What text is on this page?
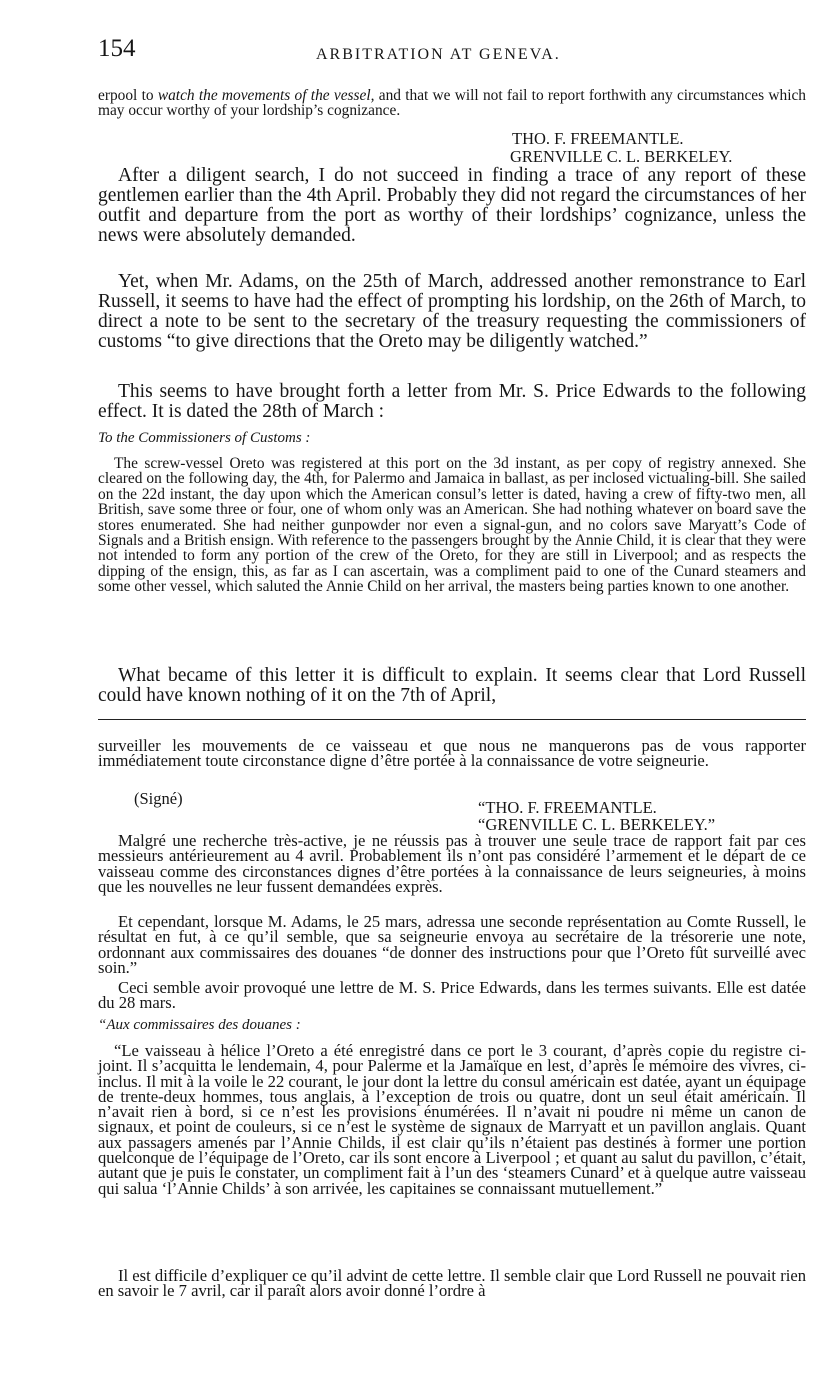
154	ARBITRATION AT GENEVA.

erpool to watch the movements of the vessel, and that we will not fail to report forthwith any circumstances which may occur worthy of your lordship’s cognizance.

THO. F. FREEMANTLE.
GRENVILLE C. L. BERKELEY.

After a diligent search, I do not succeed in finding a trace of any report of these gentlemen earlier than the 4th April. Probably they did not regard the circumstances of her outfit and departure from the port as worthy of their lordships’ cognizance, unless the news were absolutely demanded.

Yet, when Mr. Adams, on the 25th of March, addressed another remonstrance to Earl Russell, it seems to have had the effect of prompting his lordship, on the 26th of March, to direct a note to be sent to the secretary of the treasury requesting the commissioners of customs “to give directions that the Oreto may be diligently watched.”

This seems to have brought forth a letter from Mr. S. Price Edwards to the following effect. It is dated the 28th of March :

To the Commissioners of Customs :

The screw-vessel Oreto was registered at this port on the 3d instant, as per copy of registry annexed. She cleared on the following day, the 4th, for Palermo and Jamaica in ballast, as per inclosed victualing-bill. She sailed on the 22d instant, the day upon which the American consul’s letter is dated, having a crew of fifty-two men, all British, save some three or four, one of whom only was an American. She had nothing whatever on board save the stores enumerated. She had neither gunpowder nor even a signal-gun, and no colors save Maryatt’s Code of Signals and a British ensign. With reference to the passengers brought by the Annie Child, it is clear that they were not intended to form any portion of the crew of the Oreto, for they are still in Liverpool; and as respects the dipping of the ensign, this, as far as I can ascertain, was a compliment paid to one of the Cunard steamers and some other vessel, which saluted the Annie Child on her arrival, the masters being parties known to one another.

What became of this letter it is difficult to explain. It seems clear that Lord Russell could have known nothing of it on the 7th of April,

surveiller les mouvements de ce vaisseau et que nous ne manquerons pas de vous rapporter immédiatement toute circonstance digne d’être portée à la connaissance de votre seigneurie.

(Signé)	“THO. F. FREEMANTLE.
“GRENVILLE C. L. BERKELEY.”

Malgré une recherche très-active, je ne réussis pas à trouver une seule trace de rapport fait par ces messieurs antérieurement au 4 avril. Probablement ils n’ont pas considéré l’armement et le départ de ce vaisseau comme des circonstances dignes d’être portées à la connaissance de leurs seigneuries, à moins que les nouvelles ne leur fussent demandées exprès.

Et cependant, lorsque M. Adams, le 25 mars, adressa une seconde représentation au Comte Russell, le résultat en fut, à ce qu’il semble, que sa seigneurie envoya au secrétaire de la trésorerie une note, ordonnant aux commissaires des douanes “de donner des instructions pour que l’Oreto fût surveillé avec soin.”

Ceci semble avoir provoqué une lettre de M. S. Price Edwards, dans les termes suivants. Elle est datée du 28 mars.

“Aux commissaires des douanes :

“Le vaisseau à hélice l’Oreto a été enregistré dans ce port le 3 courant, d’après copie du registre ci-joint. Il s’acquitta le lendemain, 4, pour Palerme et la Jamaïque en lest, d’après le mémoire des vivres, ci-inclus. Il mit à la voile le 22 courant, le jour dont la lettre du consul américain est datée, ayant un équipage de trente-deux hommes, tous anglais, à l’exception de trois ou quatre, dont un seul était américain. Il n’avait rien à bord, si ce n’est les provisions énumérées. Il n’avait ni poudre ni même un canon de signaux, et point de couleurs, si ce n’est le système de signaux de Marryatt et un pavillon anglais. Quant aux passagers amenés par l’Annie Childs, il est clair qu’ils n’étaient pas destinés à former une portion quelconque de l’équipage de l’Oreto, car ils sont encore à Liverpool ; et quant au salut du pavillon, c’était, autant que je puis le constater, un compliment fait à l’un des ‘steamers Cunard’ et à quelque autre vaisseau qui salua ‘l’Annie Childs’ à son arrivée, les capitaines se connaissant mutuellement.”

Il est difficile d’expliquer ce qu’il advint de cette lettre. Il semble clair que Lord Russell ne pouvait rien en savoir le 7 avril, car il paraît alors avoir donné l’ordre à
